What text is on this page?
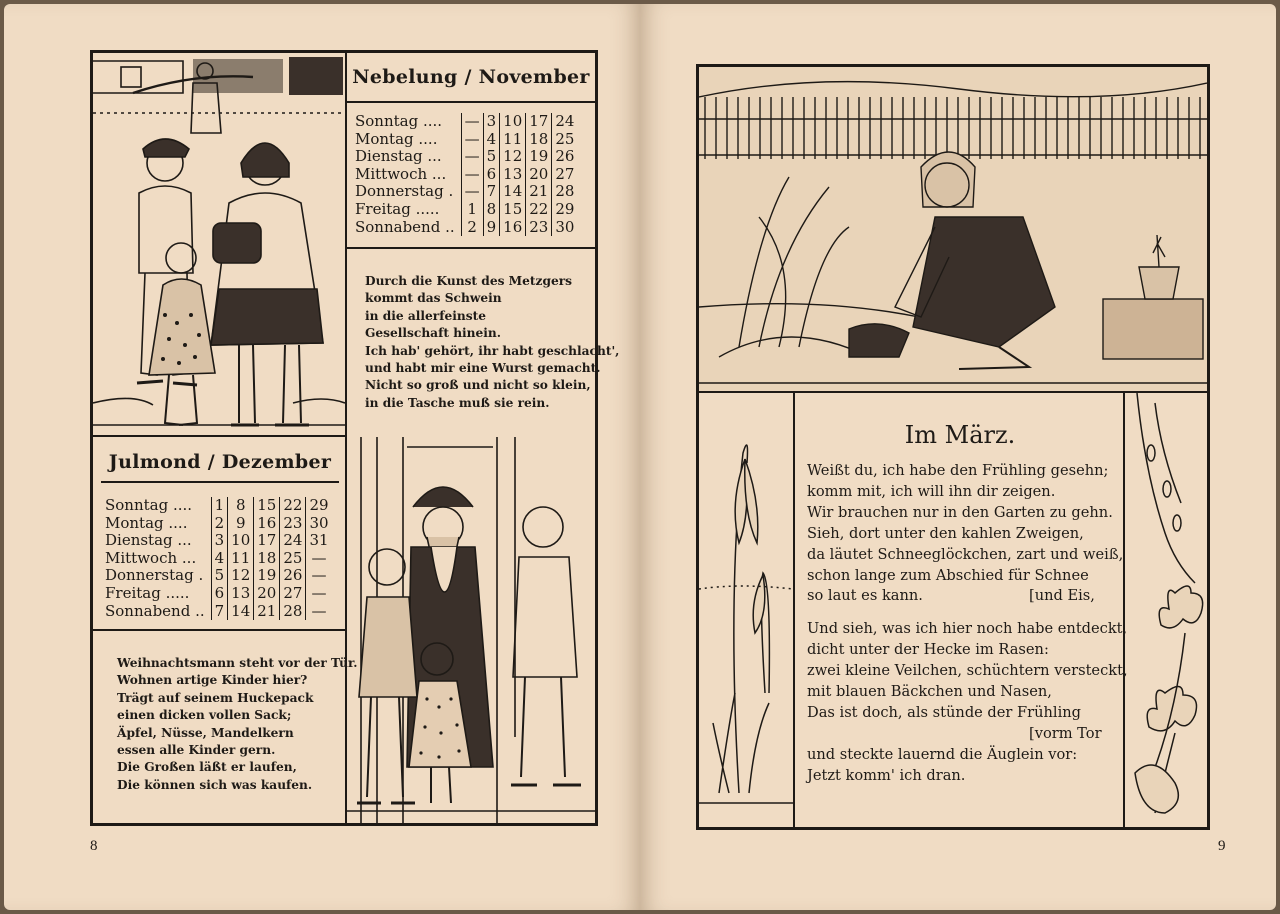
Nebelung / November
Sonntag ....	—	3	10	17	24
Montag ....	—	4	11	18	25
Dienstag ...	—	5	12	19	26
Mittwoch ...	—	6	13	20	27
Donnerstag .	—	7	14	21	28
Freitag .....	1	8	15	22	29
Sonnabend ..	2	9	16	23	30
Durch die Kunst des Metzgers
kommt das Schwein
in die allerfeinste
Gesellschaft hinein.
Ich hab' gehört, ihr habt geschlacht',
und habt mir eine Wurst gemacht.
Nicht so groß und nicht so klein,
in die Tasche muß sie rein.
Julmond / Dezember
Sonntag ....	1	8	15	22	29
Montag ....	2	9	16	23	30
Dienstag ...	3	10	17	24	31
Mittwoch ...	4	11	18	25	—
Donnerstag .	5	12	19	26	—
Freitag .....	6	13	20	27	—
Sonnabend ..	7	14	21	28	—
Weihnachtsmann steht vor der Tür.
Wohnen artige Kinder hier?
Trägt auf seinem Huckepack
einen dicken vollen Sack;
Äpfel, Nüsse, Mandelkern
essen alle Kinder gern.
Die Großen läßt er laufen,
Die können sich was kaufen.
8
Im März.
Weißt du, ich habe den Frühling gesehn;
komm mit, ich will ihn dir zeigen.
Wir brauchen nur in den Garten zu gehn.
Sieh, dort unter den kahlen Zweigen,
da läutet Schneeglöckchen, zart und weiß,
schon lange zum Abschied für Schnee
so laut es kann.	[und Eis,
Und sieh, was ich hier noch habe entdeckt,
dicht unter der Hecke im Rasen:
zwei kleine Veilchen, schüchtern versteckt,
mit blauen Bäckchen und Nasen,
Das ist doch, als stünde der Frühling
[vorm Tor
und steckte lauernd die Äuglein vor:
Jetzt komm' ich dran.
9
